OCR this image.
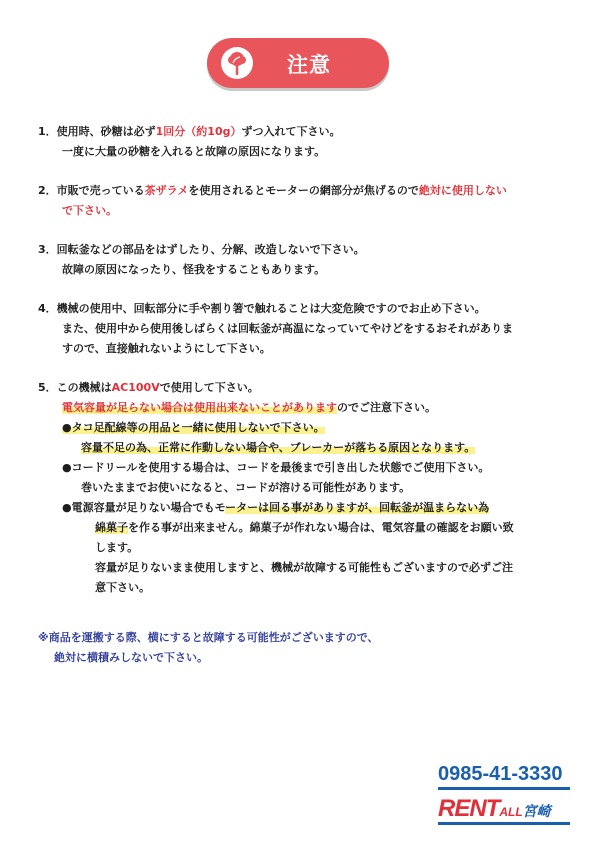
注意
1．使用時、砂糖は必ず1回分（約10g）ずつ入れて下さい。
一度に大量の砂糖を入れると故障の原因になります。
2．市販で売っている茶ザラメを使用されるとモーターの網部分が焦げるので絶対に使用しない
で下さい。
3．回転釜などの部品をはずしたり、分解、改造しないで下さい。
故障の原因になったり、怪我をすることもあります。
4．機械の使用中、回転部分に手や割り箸で触れることは大変危険ですのでお止め下さい。
また、使用中から使用後しばらくは回転釜が高温になっていてやけどをするおそれがありま
すので、直接触れないようにして下さい。
5．この機械はAC100Vで使用して下さい。
電気容量が足らない場合は使用出来ないことがありますのでご注意下さい。
●タコ足配線等の用品と一緒に使用しないで下さい。
容量不足の為、正常に作動しない場合や、ブレーカーが落ちる原因となります。
●コードリールを使用する場合は、コードを最後まで引き出した状態でご使用下さい。
巻いたままでお使いになると、コードが溶ける可能性があります。
●電源容量が足りない場合でもモーターは回る事がありますが、回転釜が温まらない為
綿菓子を作る事が出来ません。綿菓子が作れない場合は、電気容量の確認をお願い致
します。
容量が足りないまま使用しますと、機械が故障する可能性もございますので必ずご注
意下さい。
※商品を運搬する際、横にすると故障する可能性がございますので、
絶対に横積みしないで下さい。
0985-41-3330
RENTALL宮崎
